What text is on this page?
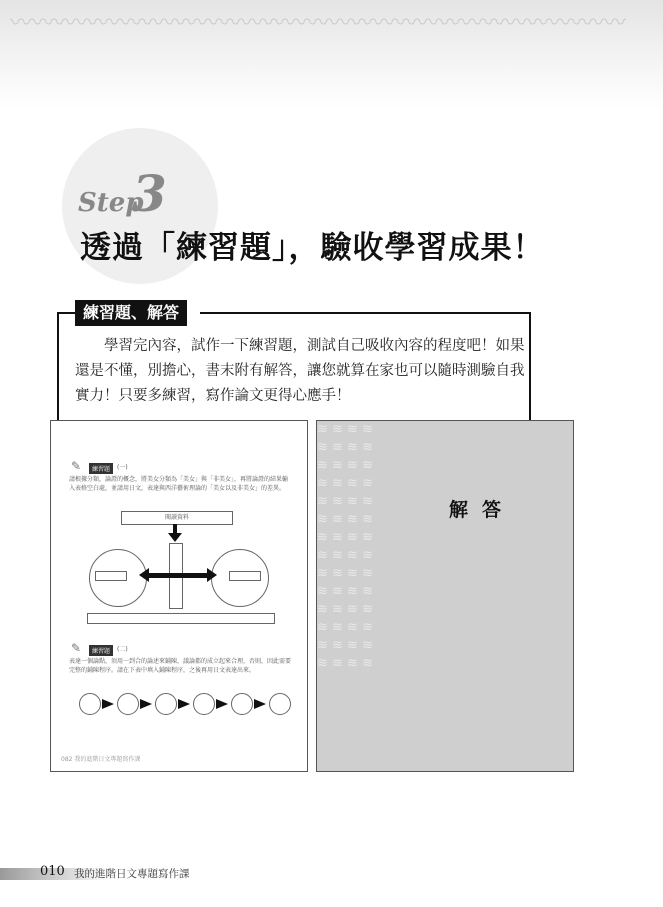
〰〰〰〰〰〰〰〰〰〰〰〰〰〰〰〰〰〰〰〰〰〰〰〰〰〰〰〰
Step
3
透過「練習題」，驗收學習成果！
練習題、解答
學習完內容，試作一下練習題，測試自己吸收內容的程度吧！如果還是不懂，別擔心，書末附有解答，讓您就算在家也可以隨時測驗自我實力！只要多練習，寫作論文更得心應手！
✎	練習題	(一)
請根據分類，論證的概念，將美女分類為「美女」與「非美女」，再將論證的結果輸入表格空白處，並請用日文，表達與西洋藝術理論的「美女以及非美女」的差異。
閱讀資料
✎	練習題	(二)
表達一個論點，須用一到合的論述來鋪陳，議論都的成立起來合理，否則，因此需要完整的鋪陳程序。請在下表中填入鋪陳程序，之後再用日文表達出來。
082 我的進階日文專題寫作課
≋ ≋ ≋ ≋
≋ ≋ ≋ ≋
≋ ≋ ≋ ≋
≋ ≋ ≋ ≋
≋ ≋ ≋ ≋
≋ ≋ ≋ ≋
≋ ≋ ≋ ≋
≋ ≋ ≋ ≋
≋ ≋ ≋ ≋
≋ ≋ ≋ ≋
≋ ≋ ≋ ≋
≋ ≋ ≋ ≋
≋ ≋ ≋ ≋
≋ ≋ ≋ ≋
解答
010 我的進階日文專題寫作課
